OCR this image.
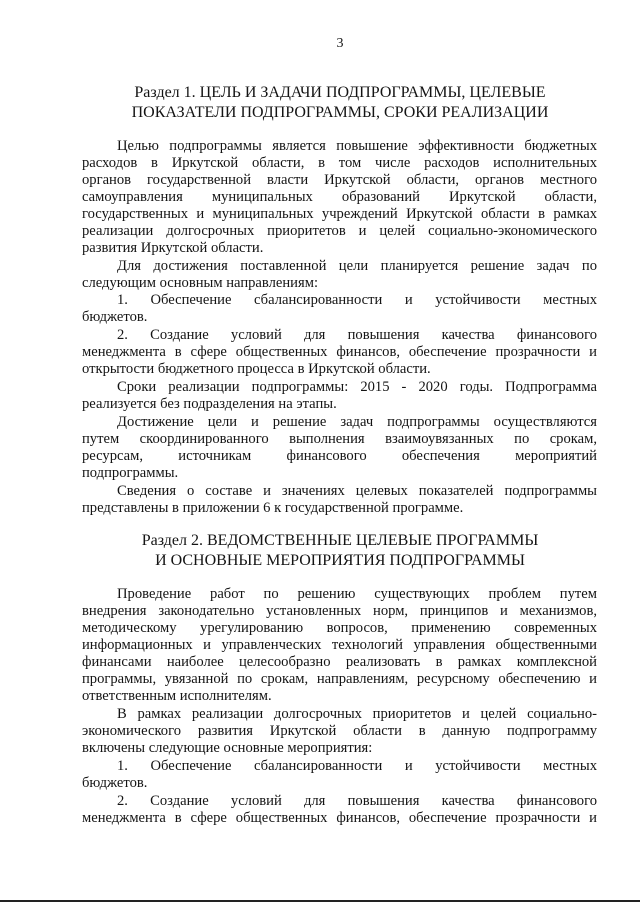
3
Раздел 1. ЦЕЛЬ И ЗАДАЧИ ПОДПРОГРАММЫ, ЦЕЛЕВЫЕ
ПОКАЗАТЕЛИ ПОДПРОГРАММЫ, СРОКИ РЕАЛИЗАЦИИ
Целью подпрограммы является повышение эффективности бюджетных
расходов в Иркутской области, в том числе расходов исполнительных
органов государственной власти Иркутской области, органов местного
самоуправления муниципальных образований Иркутской области,
государственных и муниципальных учреждений Иркутской области в рамках
реализации долгосрочных приоритетов и целей социально-экономического
развития Иркутской области.
Для достижения поставленной цели планируется решение задач по
следующим основным направлениям:
1. Обеспечение сбалансированности и устойчивости местных
бюджетов.
2. Создание условий для повышения качества финансового
менеджмента в сфере общественных финансов, обеспечение прозрачности и
открытости бюджетного процесса в Иркутской области.
Сроки реализации подпрограммы: 2015 - 2020 годы. Подпрограмма
реализуется без подразделения на этапы.
Достижение цели и решение задач подпрограммы осуществляются
путем скоординированного выполнения взаимоувязанных по срокам,
ресурсам, источникам финансового обеспечения мероприятий
подпрограммы.
Сведения о составе и значениях целевых показателей подпрограммы
представлены в приложении 6 к государственной программе.
Раздел 2. ВЕДОМСТВЕННЫЕ ЦЕЛЕВЫЕ ПРОГРАММЫ
И ОСНОВНЫЕ МЕРОПРИЯТИЯ ПОДПРОГРАММЫ
Проведение работ по решению существующих проблем путем
внедрения законодательно установленных норм, принципов и механизмов,
методическому урегулированию вопросов, применению современных
информационных и управленческих технологий управления общественными
финансами наиболее целесообразно реализовать в рамках комплексной
программы, увязанной по срокам, направлениям, ресурсному обеспечению и
ответственным исполнителям.
В рамках реализации долгосрочных приоритетов и целей социально-
экономического развития Иркутской области в данную подпрограмму
включены следующие основные мероприятия:
1. Обеспечение сбалансированности и устойчивости местных
бюджетов.
2. Создание условий для повышения качества финансового
менеджмента в сфере общественных финансов, обеспечение прозрачности и
